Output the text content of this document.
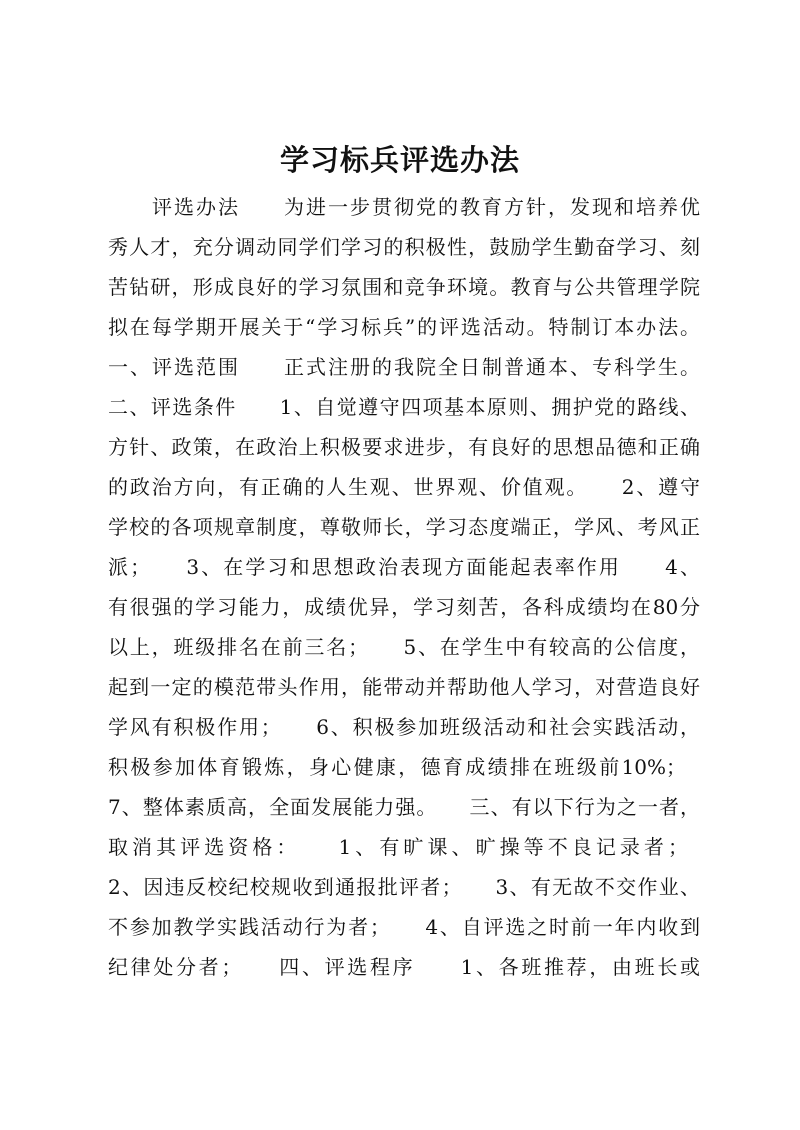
学习标兵评选办法
评选办法　　为进一步贯彻党的教育方针，发现和培养优
秀人才，充分调动同学们学习的积极性，鼓励学生勤奋学习、刻
苦钻研，形成良好的学习氛围和竞争环境。教育与公共管理学院
拟在每学期开展关于“学习标兵”的评选活动。特制订本办法。
一、评选范围　　正式注册的我院全日制普通本、专科学生。
二、评选条件　　1、自觉遵守四项基本原则、拥护党的路线、
方针、政策，在政治上积极要求进步，有良好的思想品德和正确
的政治方向，有正确的人生观、世界观、价值观。　　2、遵守
学校的各项规章制度，尊敬师长，学习态度端正，学风、考风正
派；　　3、在学习和思想政治表现方面能起表率作用　　4、
有很强的学习能力，成绩优异，学习刻苦，各科成绩均在80分
以上，班级排名在前三名；　　5、在学生中有较高的公信度，
起到一定的模范带头作用，能带动并帮助他人学习，对营造良好
学风有积极作用；　　6、积极参加班级活动和社会实践活动，
积极参加体育锻炼，身心健康，德育成绩排在班级前10%；
7、整体素质高，全面发展能力强。　　三、有以下行为之一者，
取消其评选资格：　　1、有旷课、旷操等不良记录者；
2、因违反校纪校规收到通报批评者；　　3、有无故不交作业、
不参加教学实践活动行为者；　　4、自评选之时前一年内收到
纪律处分者；　　四、评选程序　　1、各班推荐，由班长或
